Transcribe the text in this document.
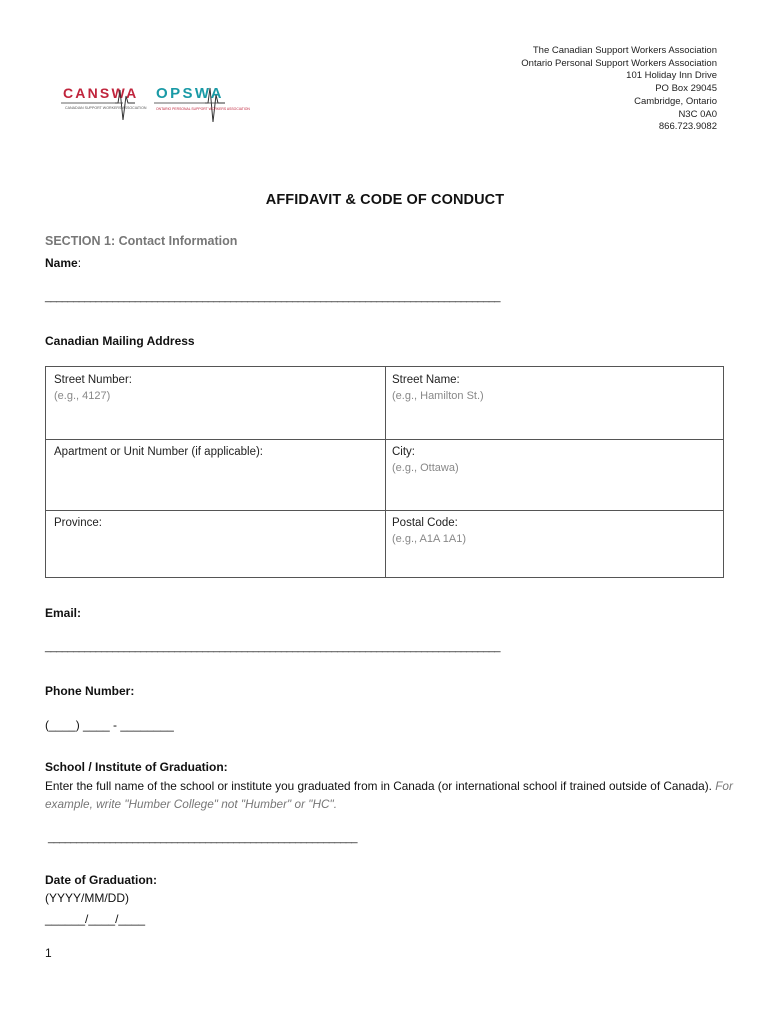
The Canadian Support Workers Association
Ontario Personal Support Workers Association
101 Holiday Inn Drive
PO Box 29045
Cambridge, Ontario
N3C 0A0
866.723.9082
CANSWA
CANADIAN SUPPORT WORKERS ASSOCIATION
OPSWA
ONTARIO PERSONAL SUPPORT WORKERS ASSOCIATION
AFFIDAVIT & CODE OF CONDUCT
SECTION 1: Contact Information
Name:
_________________________________________________________________________________
Canadian Mailing Address
Street Number:
(e.g., 4127)
Street Name:
(e.g., Hamilton St.)
Apartment or Unit Number (if applicable):	City:
(e.g., Ottawa)
Province:	Postal Code:
(e.g., A1A 1A1)
Email:
_________________________________________________________________________________
Phone Number:
(____) ____ - ________
School / Institute of Graduation:
Enter the full name of the school or institute you graduated from in Canada (or international school if trained outside of Canada). For example, write "Humber College" not "Humber" or "HC".
_______________________________________________________
Date of Graduation:
(YYYY/MM/DD)
______/____/____
1
